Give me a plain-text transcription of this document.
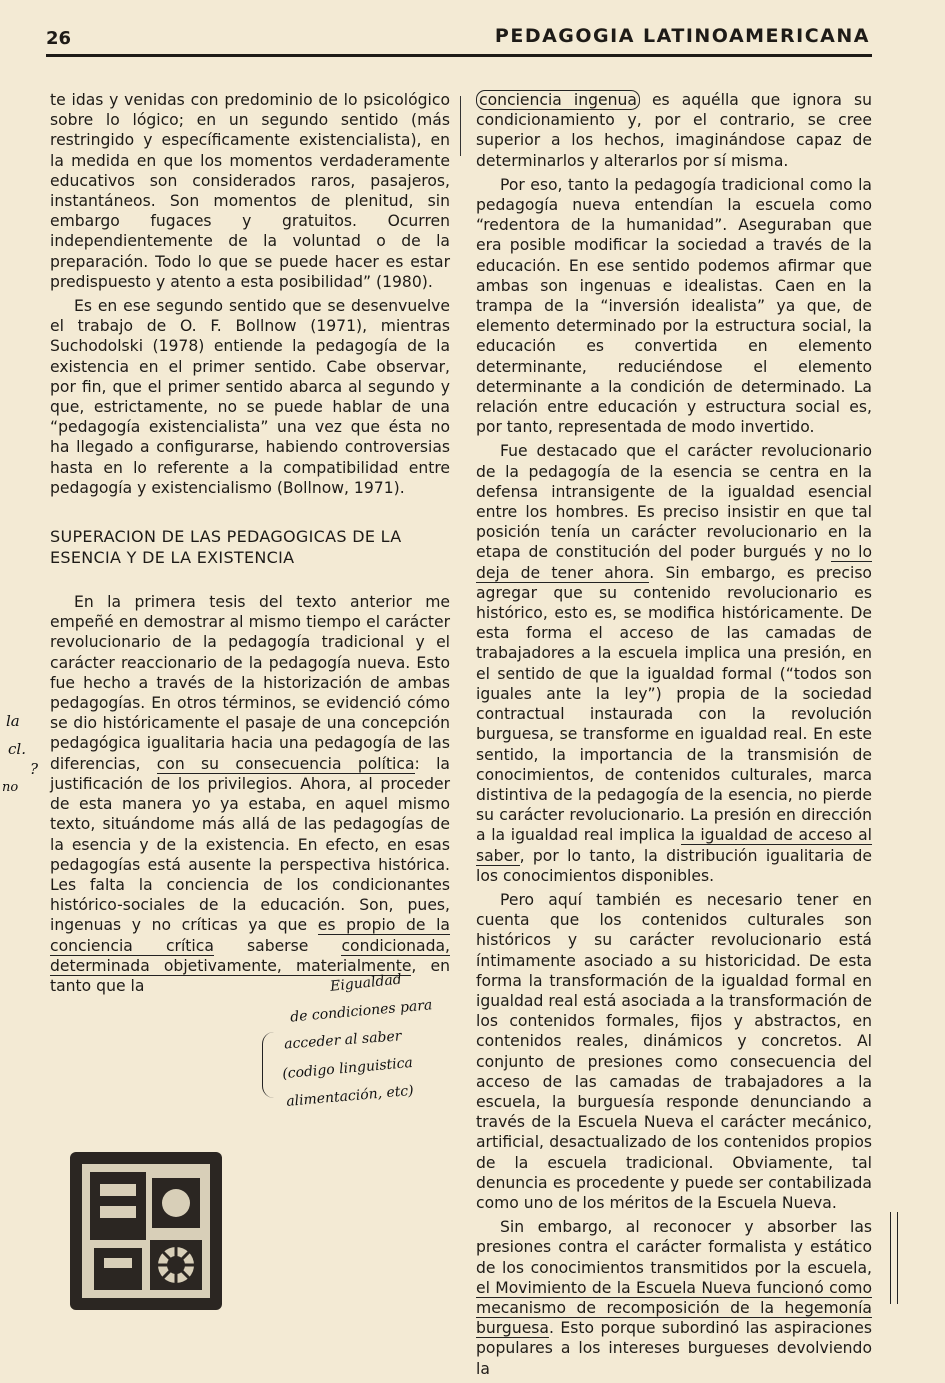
26	PEDAGOGIA LATINOAMERICANA

te idas y venidas con predominio de lo psicológico sobre lo lógico; en un segundo sentido (más restringido y específicamente existencialista), en la medida en que los momentos verdaderamente educativos son considerados raros, pasajeros, instantáneos. Son momentos de plenitud, sin embargo fugaces y gratuitos. Ocurren independientemente de la voluntad o de la preparación. Todo lo que se puede hacer es estar predispuesto y atento a esta posibilidad” (1980).

Es en ese segundo sentido que se desenvuelve el trabajo de O. F. Bollnow (1971), mientras Suchodolski (1978) entiende la pedagogía de la existencia en el primer sentido. Cabe observar, por fin, que el primer sentido abarca al segundo y que, estrictamente, no se puede hablar de una “pedagogía existencialista” una vez que ésta no ha llegado a configurarse, habiendo controversias hasta en lo referente a la compatibilidad entre pedagogía y existencialismo (Bollnow, 1971).

SUPERACION DE LAS PEDAGOGICAS DE LA ESENCIA Y DE LA EXISTENCIA

En la primera tesis del texto anterior me empeñé en demostrar al mismo tiempo el carácter revolucionario de la pedagogía tradicional y el carácter reaccionario de la pedagogía nueva. Esto fue hecho a través de la historización de ambas pedagogías. En otros términos, se evidenció cómo se dio históricamente el pasaje de una concepción pedagógica igualitaria hacia una pedagogía de las diferencias, con su consecuencia política: la justificación de los privilegios. Ahora, al proceder de esta manera yo ya estaba, en aquel mismo texto, situándome más allá de las pedagogías de la esencia y de la existencia. En efecto, en esas pedagogías está ausente la perspectiva histórica. Les falta la conciencia de los condicionantes histórico-sociales de la educación. Son, pues, ingenuas y no críticas ya que es propio de la conciencia crítica saberse condicionada, determinada objetivamente, materialmente, en tanto que la

conciencia ingenua es aquélla que ignora su condicionamiento y, por el contrario, se cree superior a los hechos, imaginándose capaz de determinarlos y alterarlos por sí misma.

Por eso, tanto la pedagogía tradicional como la pedagogía nueva entendían la escuela como “redentora de la humanidad”. Aseguraban que era posible modificar la sociedad a través de la educación. En ese sentido podemos afirmar que ambas son ingenuas e idealistas. Caen en la trampa de la “inversión idealista” ya que, de elemento determinado por la estructura social, la educación es convertida en elemento determinante, reduciéndose el elemento determinante a la condición de determinado. La relación entre educación y estructura social es, por tanto, representada de modo invertido.

Fue destacado que el carácter revolucionario de la pedagogía de la esencia se centra en la defensa intransigente de la igualdad esencial entre los hombres. Es preciso insistir en que tal posición tenía un carácter revolucionario en la etapa de constitución del poder burgués y no lo deja de tener ahora. Sin embargo, es preciso agregar que su contenido revolucionario es histórico, esto es, se modifica históricamente. De esta forma el acceso de las camadas de trabajadores a la escuela implica una presión, en el sentido de que la igualdad formal (“todos son iguales ante la ley”) propia de la sociedad contractual instaurada con la revolución burguesa, se transforme en igualdad real. En este sentido, la importancia de la transmisión de conocimientos, de contenidos culturales, marca distintiva de la pedagogía de la esencia, no pierde su carácter revolucionario. La presión en dirección a la igualdad real implica la igualdad de acceso al saber, por lo tanto, la distribución igualitaria de los conocimientos disponibles.

Pero aquí también es necesario tener en cuenta que los contenidos culturales son históricos y su carácter revolucionario está íntimamente asociado a su historicidad. De esta forma la transformación de la igualdad formal en igualdad real está asociada a la transformación de los contenidos formales, fijos y abstractos, en contenidos reales, dinámicos y concretos. Al conjunto de presiones como consecuencia del acceso de las camadas de trabajadores a la escuela, la burguesía responde denunciando a través de la Escuela Nueva el carácter mecánico, artificial, desactualizado de los contenidos propios de la escuela tradicional. Obviamente, tal denuncia es procedente y puede ser contabilizada como uno de los méritos de la Escuela Nueva.

Sin embargo, al reconocer y absorber las presiones contra el carácter formalista y estático de los conocimientos transmitidos por la escuela, el Movimiento de la Escuela Nueva funcionó como mecanismo de recomposición de la hegemonía burguesa. Esto porque subordinó las aspiraciones populares a los intereses burgueses devolviendo la

la
cl.
?
no
Eigualdad
de condiciones para
acceder al saber
(codigo linguistica
alimentación, etc)
